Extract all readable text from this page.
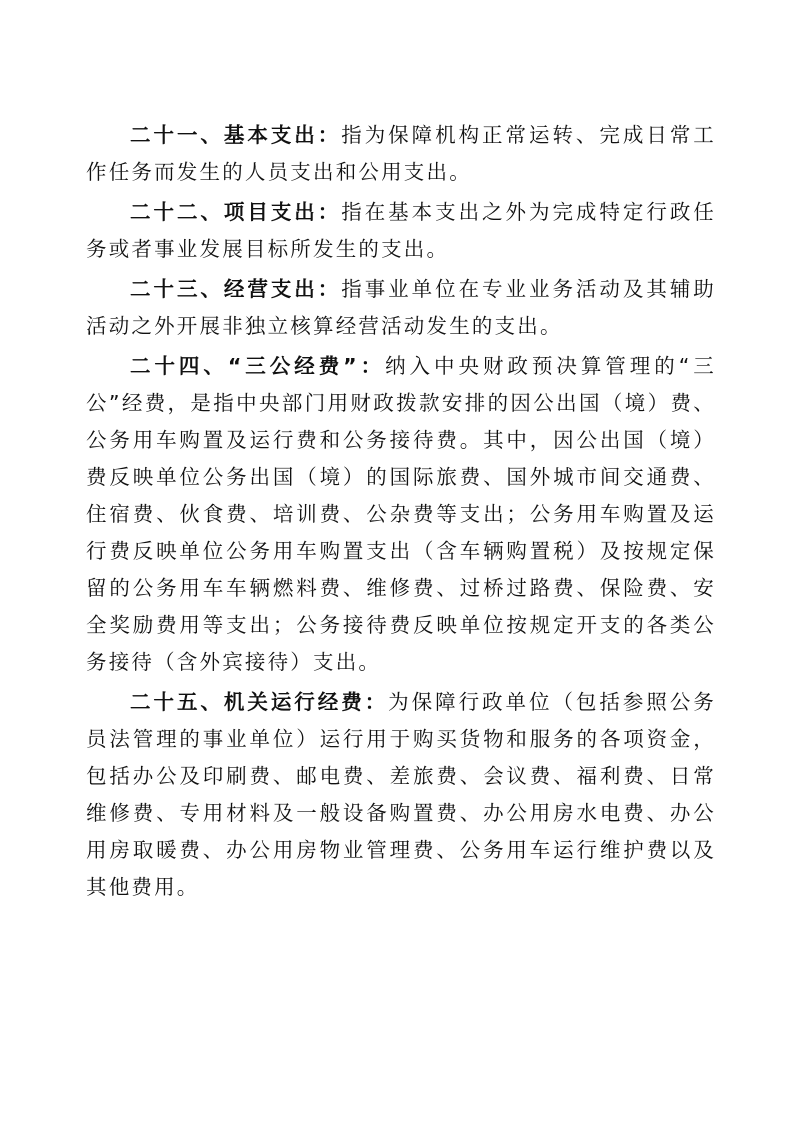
二十一、基本支出：指为保障机构正常运转、完成日常工作任务而发生的人员支出和公用支出。

二十二、项目支出：指在基本支出之外为完成特定行政任务或者事业发展目标所发生的支出。

二十三、经营支出：指事业单位在专业业务活动及其辅助活动之外开展非独立核算经营活动发生的支出。

二十四、“三公经费”：纳入中央财政预决算管理的“三公”经费，是指中央部门用财政拨款安排的因公出国（境）费、公务用车购置及运行费和公务接待费。其中，因公出国（境）费反映单位公务出国（境）的国际旅费、国外城市间交通费、住宿费、伙食费、培训费、公杂费等支出；公务用车购置及运行费反映单位公务用车购置支出（含车辆购置税）及按规定保留的公务用车车辆燃料费、维修费、过桥过路费、保险费、安全奖励费用等支出；公务接待费反映单位按规定开支的各类公务接待（含外宾接待）支出。

二十五、机关运行经费：为保障行政单位（包括参照公务员法管理的事业单位）运行用于购买货物和服务的各项资金，包括办公及印刷费、邮电费、差旅费、会议费、福利费、日常维修费、专用材料及一般设备购置费、办公用房水电费、办公用房取暖费、办公用房物业管理费、公务用车运行维护费以及其他费用。
